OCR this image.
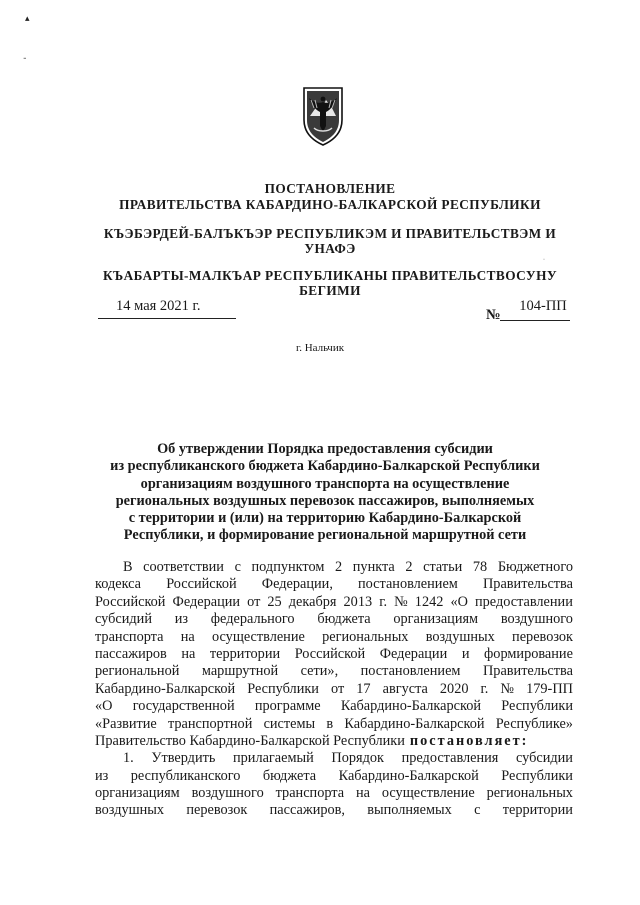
▴
ᐨ
·
ПОСТАНОВЛЕНИЕ
ПРАВИТЕЛЬСТВА КАБАРДИНО-БАЛКАРСКОЙ РЕСПУБЛИКИ
КЪЭБЭРДЕЙ-БАЛЪКЪЭР РЕСПУБЛИКЭМ И ПРАВИТЕЛЬСТВЭМ И
УНАФЭ
КЪАБАРТЫ-МАЛКЪАР РЕСПУБЛИКАНЫ ПРАВИТЕЛЬСТВОСУНУ
БЕГИМИ
14 мая 2021 г.
№
104-ПП
г. Нальчик
Об утверждении Порядка предоставления субсидии
из республиканского бюджета Кабардино-Балкарской Республики
организациям воздушного транспорта на осуществление
региональных воздушных перевозок пассажиров, выполняемых
с территории и (или) на территорию Кабардино-Балкарской
Республики, и формирование региональной маршрутной сети
В соответствии с подпунктом 2 пункта 2 статьи 78 Бюджетного
кодекса Российской Федерации, постановлением Правительства
Российской Федерации от 25 декабря 2013 г. № 1242 «О предоставлении
субсидий из федерального бюджета организациям воздушного
транспорта на осуществление региональных воздушных перевозок
пассажиров на территории Российской Федерации и формирование
региональной маршрутной сети», постановлением Правительства
Кабардино-Балкарской Республики от 17 августа 2020 г. № 179-ПП
«О государственной программе Кабардино-Балкарской Республики
«Развитие транспортной системы в Кабардино-Балкарской Республике»
Правительство Кабардино-Балкарской Республики постановляет:
1. Утвердить прилагаемый Порядок предоставления субсидии
из республиканского бюджета Кабардино-Балкарской Республики
организациям воздушного транспорта на осуществление региональных
воздушных перевозок пассажиров, выполняемых с территории
